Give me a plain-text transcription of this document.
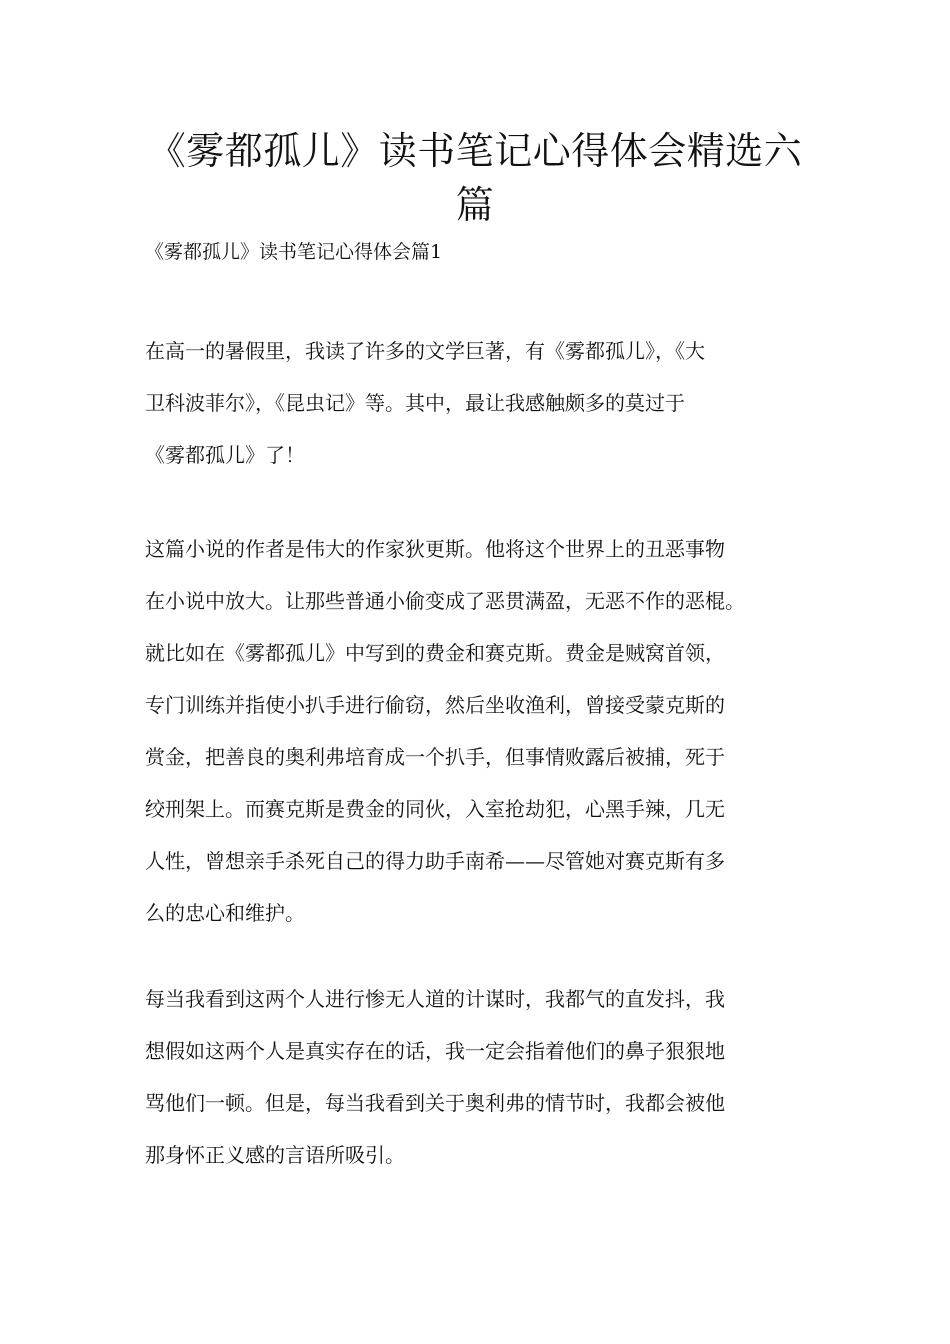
《雾都孤儿》读书笔记心得体会精选六篇

《雾都孤儿》读书笔记心得体会篇1

在高一的暑假里，我读了许多的文学巨著，有《雾都孤儿》，《大
卫科波菲尔》，《昆虫记》等。其中，最让我感触颇多的莫过于
《雾都孤儿》了！

这篇小说的作者是伟大的作家狄更斯。他将这个世界上的丑恶事物
在小说中放大。让那些普通小偷变成了恶贯满盈，无恶不作的恶棍。
就比如在《雾都孤儿》中写到的费金和赛克斯。费金是贼窝首领，
专门训练并指使小扒手进行偷窃，然后坐收渔利，曾接受蒙克斯的
赏金，把善良的奥利弗培育成一个扒手，但事情败露后被捕，死于
绞刑架上。而赛克斯是费金的同伙，入室抢劫犯，心黑手辣，几无
人性，曾想亲手杀死自己的得力助手南希——尽管她对赛克斯有多
么的忠心和维护。

每当我看到这两个人进行惨无人道的计谋时，我都气的直发抖，我
想假如这两个人是真实存在的话，我一定会指着他们的鼻子狠狠地
骂他们一顿。但是，每当我看到关于奥利弗的情节时，我都会被他
那身怀正义感的言语所吸引。
